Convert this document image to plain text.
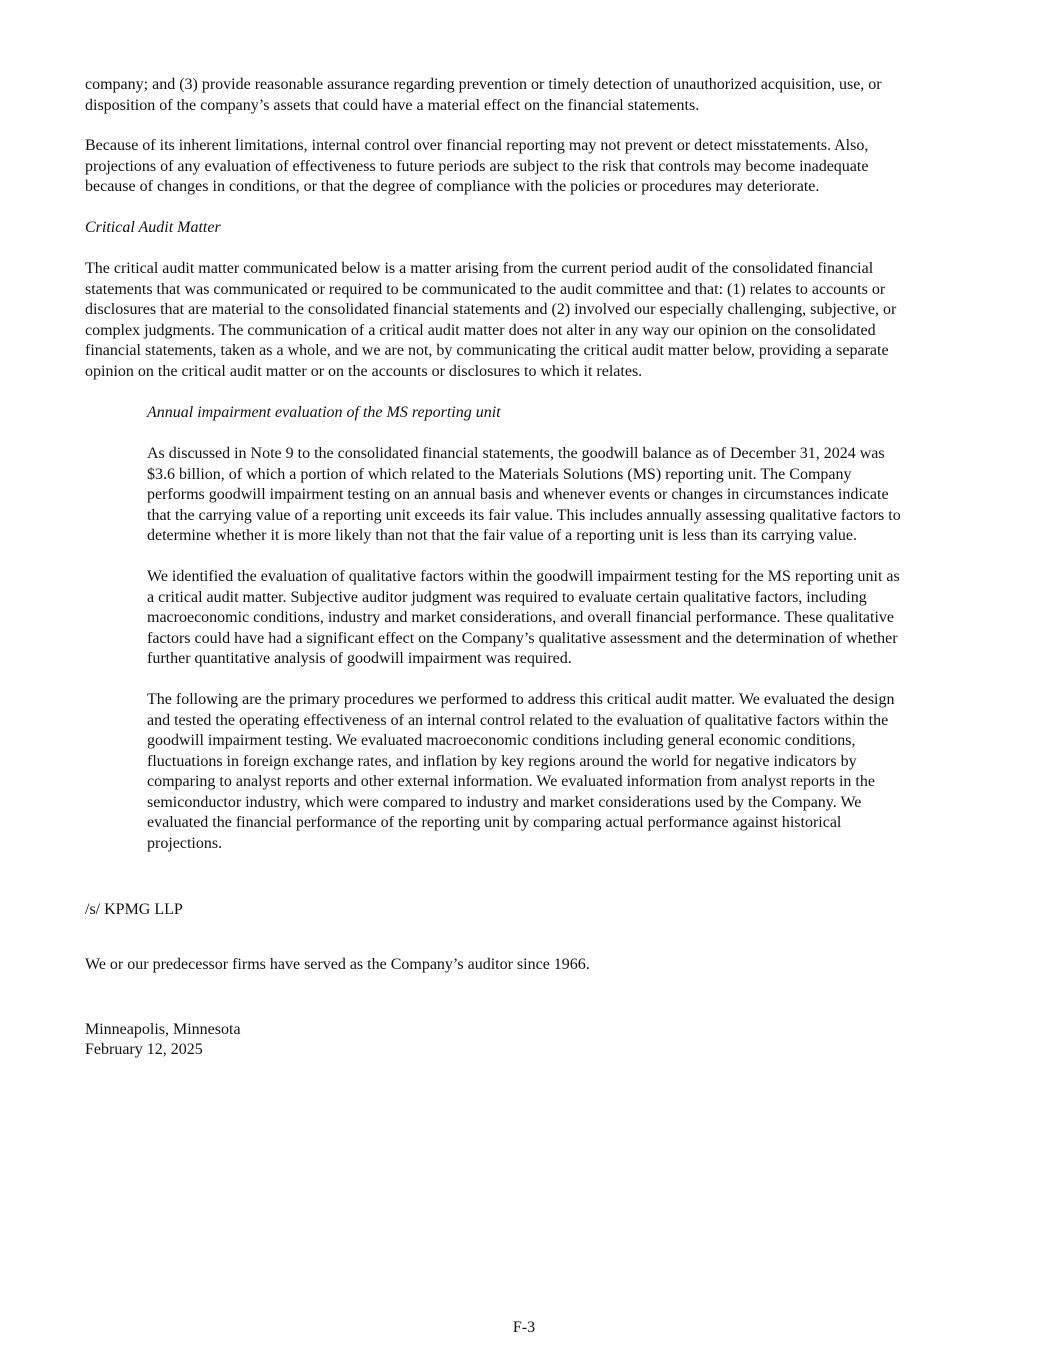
company; and (3) provide reasonable assurance regarding prevention or timely detection of unauthorized acquisition, use, or
disposition of the company’s assets that could have a material effect on the financial statements.
Because of its inherent limitations, internal control over financial reporting may not prevent or detect misstatements. Also,
projections of any evaluation of effectiveness to future periods are subject to the risk that controls may become inadequate
because of changes in conditions, or that the degree of compliance with the policies or procedures may deteriorate.
Critical Audit Matter
The critical audit matter communicated below is a matter arising from the current period audit of the consolidated financial
statements that was communicated or required to be communicated to the audit committee and that: (1) relates to accounts or
disclosures that are material to the consolidated financial statements and (2) involved our especially challenging, subjective, or
complex judgments. The communication of a critical audit matter does not alter in any way our opinion on the consolidated
financial statements, taken as a whole, and we are not, by communicating the critical audit matter below, providing a separate
opinion on the critical audit matter or on the accounts or disclosures to which it relates.
Annual impairment evaluation of the MS reporting unit
As discussed in Note 9 to the consolidated financial statements, the goodwill balance as of December 31, 2024 was
$3.6 billion, of which a portion of which related to the Materials Solutions (MS) reporting unit. The Company
performs goodwill impairment testing on an annual basis and whenever events or changes in circumstances indicate
that the carrying value of a reporting unit exceeds its fair value. This includes annually assessing qualitative factors to
determine whether it is more likely than not that the fair value of a reporting unit is less than its carrying value.
We identified the evaluation of qualitative factors within the goodwill impairment testing for the MS reporting unit as
a critical audit matter. Subjective auditor judgment was required to evaluate certain qualitative factors, including
macroeconomic conditions, industry and market considerations, and overall financial performance. These qualitative
factors could have had a significant effect on the Company’s qualitative assessment and the determination of whether
further quantitative analysis of goodwill impairment was required.
The following are the primary procedures we performed to address this critical audit matter. We evaluated the design
and tested the operating effectiveness of an internal control related to the evaluation of qualitative factors within the
goodwill impairment testing. We evaluated macroeconomic conditions including general economic conditions,
fluctuations in foreign exchange rates, and inflation by key regions around the world for negative indicators by
comparing to analyst reports and other external information. We evaluated information from analyst reports in the
semiconductor industry, which were compared to industry and market considerations used by the Company. We
evaluated the financial performance of the reporting unit by comparing actual performance against historical
projections.
/s/ KPMG LLP
We or our predecessor firms have served as the Company’s auditor since 1966.
Minneapolis, Minnesota
February 12, 2025
F-3
